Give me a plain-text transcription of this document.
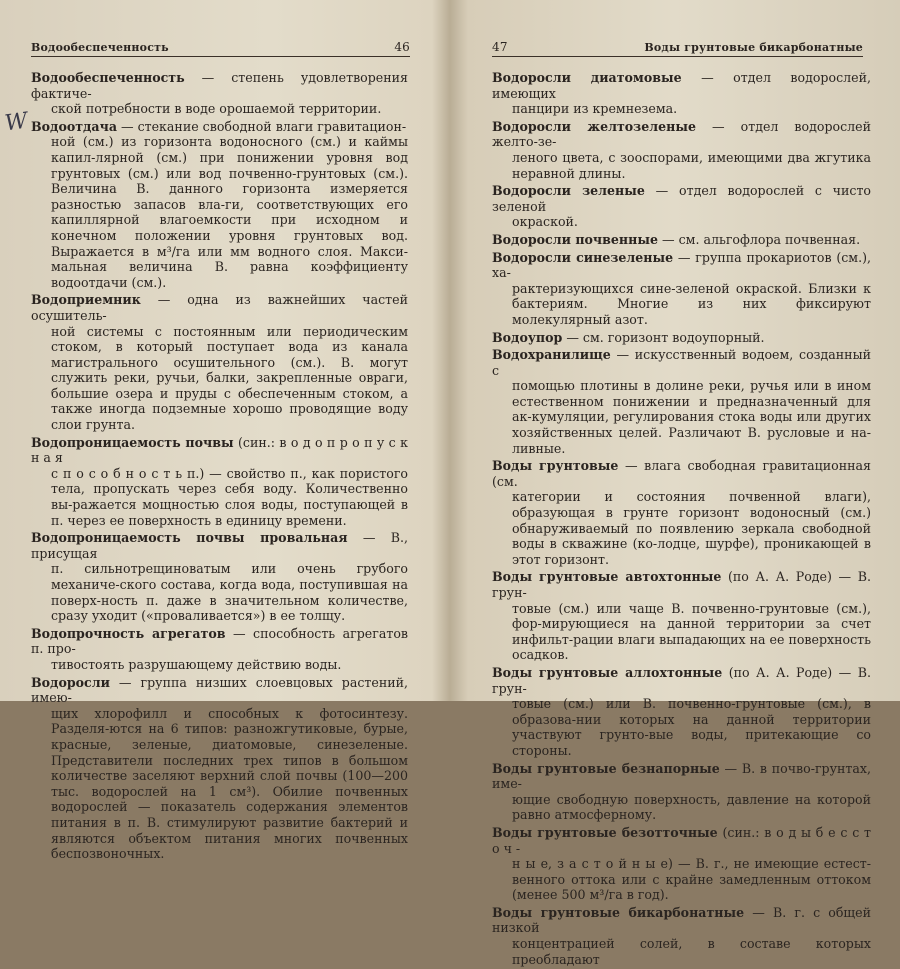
Водообеспеченность	46
W
Водообеспеченность — степень удовлетворения фактиче-
ской потребности в воде орошаемой территории.
Водоотдача — стекание свободной влаги гравитацион-
ной (см.) из горизонта водоносного (см.) и каймы капил-лярной (см.) при понижении уровня вод грунтовых (см.) или вод почвенно-грунтовых (см.). Величина В. данного горизонта измеряется разностью запасов вла-ги, соответствующих его капиллярной влагоемкости при исходном и конечном положении уровня грунтовых вод. Выражается в м³/га или мм водного слоя. Макси-мальная величина В. равна коэффициенту водоотдачи (см.).
Водоприемник — одна из важнейших частей осушитель-
ной системы с постоянным или периодическим стоком, в который поступает вода из канала магистрального осушительного (см.). В. могут служить реки, ручьи, балки, закрепленные овраги, большие озера и пруды с обеспеченным стоком, а также иногда подземные хорошо проводящие воду слои грунта.
Водопроницаемость почвы (син.: в о д о п р о п у с к н а я
с п о с о б н о с т ь п.) — свойство п., как пористого тела, пропускать через себя воду. Количественно вы-ражается мощностью слоя воды, поступающей в п. через ее поверхность в единицу времени.
Водопроницаемость почвы провальная — В., присущая
п. сильнотрещиноватым или очень грубого механиче-ского состава, когда вода, поступившая на поверх-ность п. даже в значительном количестве, сразу уходит («проваливается») в ее толщу.
Водопрочность агрегатов — способность агрегатов п. про-
тивостоять разрушающему действию воды.
Водоросли — группа низших слоевцовых растений, имею-
щих хлорофилл и способных к фотосинтезу. Разделя-ются на 6 типов: разножгутиковые, бурые, красные, зеленые, диатомовые, синезеленые. Представители последних трех типов в большом количестве заселяют верхний слой почвы (100—200 тыс. водорослей на 1 см³). Обилие почвенных водорослей — показатель содержания элементов питания в п. В. стимулируют развитие бактерий и являются объектом питания многих почвенных беспозвоночных.
47	Воды грунтовые бикарбонатные
Водоросли диатомовые — отдел водорослей, имеющих
панцири из кремнезема.
Водоросли желтозеленые — отдел водорослей желто-зе-
леного цвета, с зооспорами, имеющими два жгутика неравной длины.
Водоросли зеленые — отдел водорослей с чисто зеленой
окраской.
Водоросли почвенные — см. альгофлора почвенная.
Водоросли синезеленые — группа прокариотов (см.), ха-
рактеризующихся сине-зеленой окраской. Близки к бактериям. Многие из них фиксируют молекулярный азот.
Водоупор — см. горизонт водоупорный.
Водохранилище — искусственный водоем, созданный с
помощью плотины в долине реки, ручья или в ином естественном понижении и предназначенный для ак-кумуляции, регулирования стока воды или других хозяйственных целей. Различают В. русловые и на-ливные.
Воды грунтовые — влага свободная гравитационная (см.
категории и состояния почвенной влаги), образующая в грунте горизонт водоносный (см.) обнаруживаемый по появлению зеркала свободной воды в скважине (ко-лодце, шурфе), проникающей в этот горизонт.
Воды грунтовые автохтонные (по А. А. Роде) — В. грун-
товые (см.) или чаще В. почвенно-грунтовые (см.), фор-мирующиеся на данной территории за счет инфильт-рации влаги выпадающих на ее поверхность осадков.
Воды грунтовые аллохтонные (по А. А. Роде) — В. грун-
товые (см.) или В. почвенно-грунтовые (см.), в образова-нии которых на данной территории участвуют грунто-вые воды, притекающие со стороны.
Воды грунтовые безнапорные — В. в почво-грунтах, име-
ющие свободную поверхность, давление на которой равно атмосферному.
Воды грунтовые безотточные (син.: в о д ы б е с с т о ч -
н ы е, з а с т о й н ы е) — В. г., не имеющие естест-венного оттока или с крайне замедленным оттоком (менее 500 м³/га в год).
Воды грунтовые бикарбонатные — В. г. с общей низкой
концентрацией солей, в составе которых преобладают
